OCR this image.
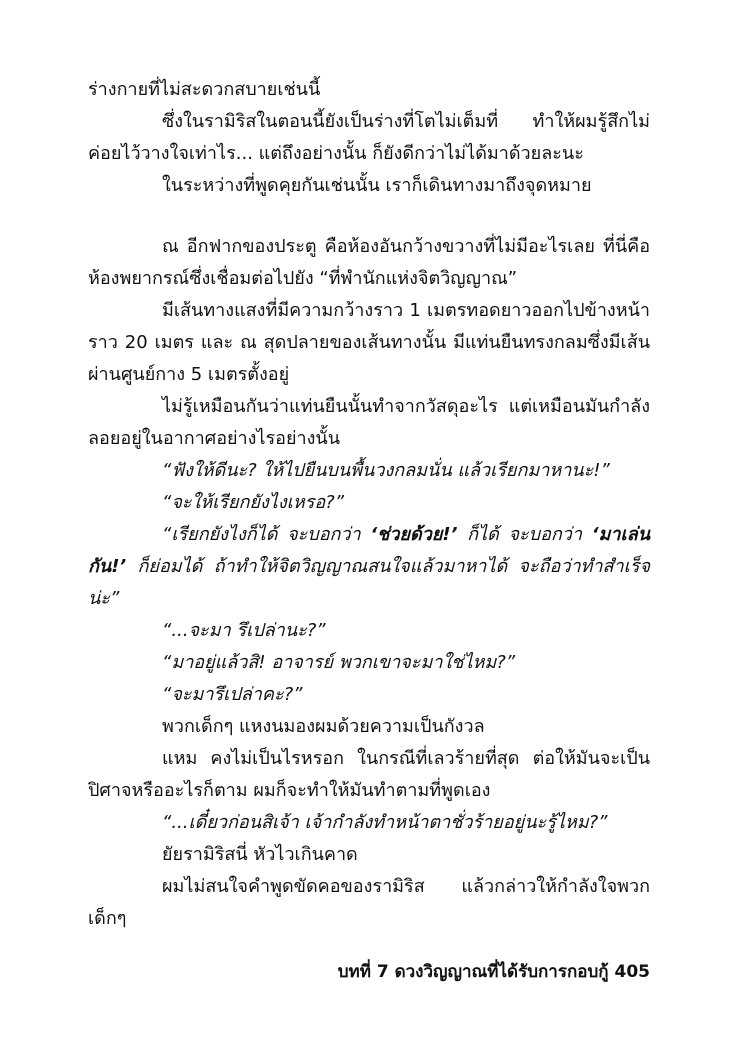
ร่างกายที่ไม่สะดวกสบายเช่นนี้

ซึ่งในรามิริสในตอนนี้ยังเป็นร่างที่โตไม่เต็มที่ ทำให้ผมรู้สึกไม่ค่อยไว้วางใจเท่าไร... แต่ถึงอย่างนั้น ก็ยังดีกว่าไม่ได้มาด้วยละนะ

ในระหว่างที่พูดคุยกันเช่นนั้น เราก็เดินทางมาถึงจุดหมาย

ณ อีกฟากของประตู คือห้องอันกว้างขวางที่ไม่มีอะไรเลย ที่นี่คือห้องพยากรณ์ซึ่งเชื่อมต่อไปยัง “ที่พำนักแห่งจิตวิญญาณ”

มีเส้นทางแสงที่มีความกว้างราว 1 เมตรทอดยาวออกไปข้างหน้าราว 20 เมตร และ ณ สุดปลายของเส้นทางนั้น มีแท่นยืนทรงกลมซึ่งมีเส้นผ่านศูนย์กาง 5 เมตรตั้งอยู่

ไม่รู้เหมือนกันว่าแท่นยืนนั้นทำจากวัสดุอะไร แต่เหมือนมันกำลังลอยอยู่ในอากาศอย่างไรอย่างนั้น

“ฟังให้ดีนะ? ให้ไปยืนบนพื้นวงกลมนั่น แล้วเรียกมาหานะ!”

“จะให้เรียกยังไงเหรอ?”

“เรียกยังไงก็ได้ จะบอกว่า ‘ช่วยด้วย!’ ก็ได้ จะบอกว่า ‘มาเล่นกัน!’ ก็ย่อมได้ ถ้าทำให้จิตวิญญาณสนใจแล้วมาหาได้ จะถือว่าทำสำเร็จน่ะ”

“...จะมา รึเปล่านะ?”

“มาอยู่แล้วสิ! อาจารย์ พวกเขาจะมาใช่ไหม?”

“จะมารึเปล่าคะ?”

พวกเด็กๆ แหงนมองผมด้วยความเป็นกังวล

แหม คงไม่เป็นไรหรอก ในกรณีที่เลวร้ายที่สุด ต่อให้มันจะเป็นปิศาจหรืออะไรก็ตาม ผมก็จะทำให้มันทำตามที่พูดเอง

“...เดี๋ยวก่อนสิเจ้า เจ้ากำลังทำหน้าตาชั่วร้ายอยู่นะรู้ไหม?”

ยัยรามิริสนี่ หัวไวเกินคาด

ผมไม่สนใจคำพูดขัดคอของรามิริส แล้วกล่าวให้กำลังใจพวกเด็กๆ

บทที่ 7 ดวงวิญญาณที่ได้รับการกอบกู้ 405
